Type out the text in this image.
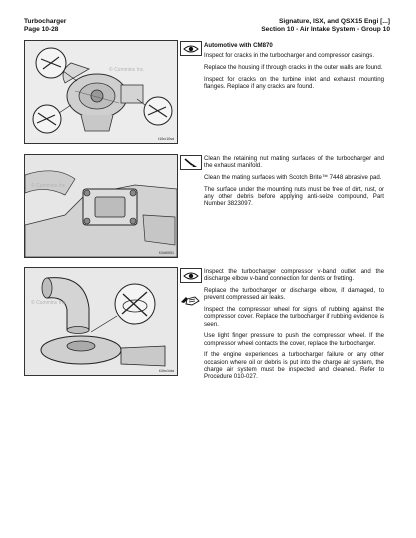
Turbocharger
Page 10-28
Signature, ISX, and QSX15 Engi [...]
Section 10 - Air Intake System - Group 10
© Cummins Inc.
t10rc10sd

Automotive with CM870

Inspect for cracks in the turbocharger and compressor casings.

Replace the housing if through cracks in the outer walls are found.

Inspect for cracks on the turbine inlet and exhaust mounting flanges. Replace if any cracks are found.

© Cummins Inc.
f10d0001

Clean the retaining nut mating surfaces of the turbocharger and the exhaust manifold.

Clean the mating surfaces with Scotch Brite™ 7448 abrasive pad.

The surface under the mounting nuts must be free of dirt, rust, or any other debris before applying anti-seize compound, Part Number 3823097.

© Cummins Inc.
t10rc1nta

Inspect the turbocharger compressor v-band outlet and the discharge elbow v-band connection for dents or fretting.

Replace the turbocharger or discharge elbow, if damaged, to prevent compressed air leaks.

Inspect the compressor wheel for signs of rubbing against the compressor cover. Replace the turbocharger if rubbing evidence is seen.

Use light finger pressure to push the compressor wheel. If the compressor wheel contacts the cover, replace the turbocharger.

If the engine experiences a turbocharger failure or any other occasion where oil or debris is put into the charge air system, the charge air system must be inspected and cleaned. Refer to Procedure 010-027.
